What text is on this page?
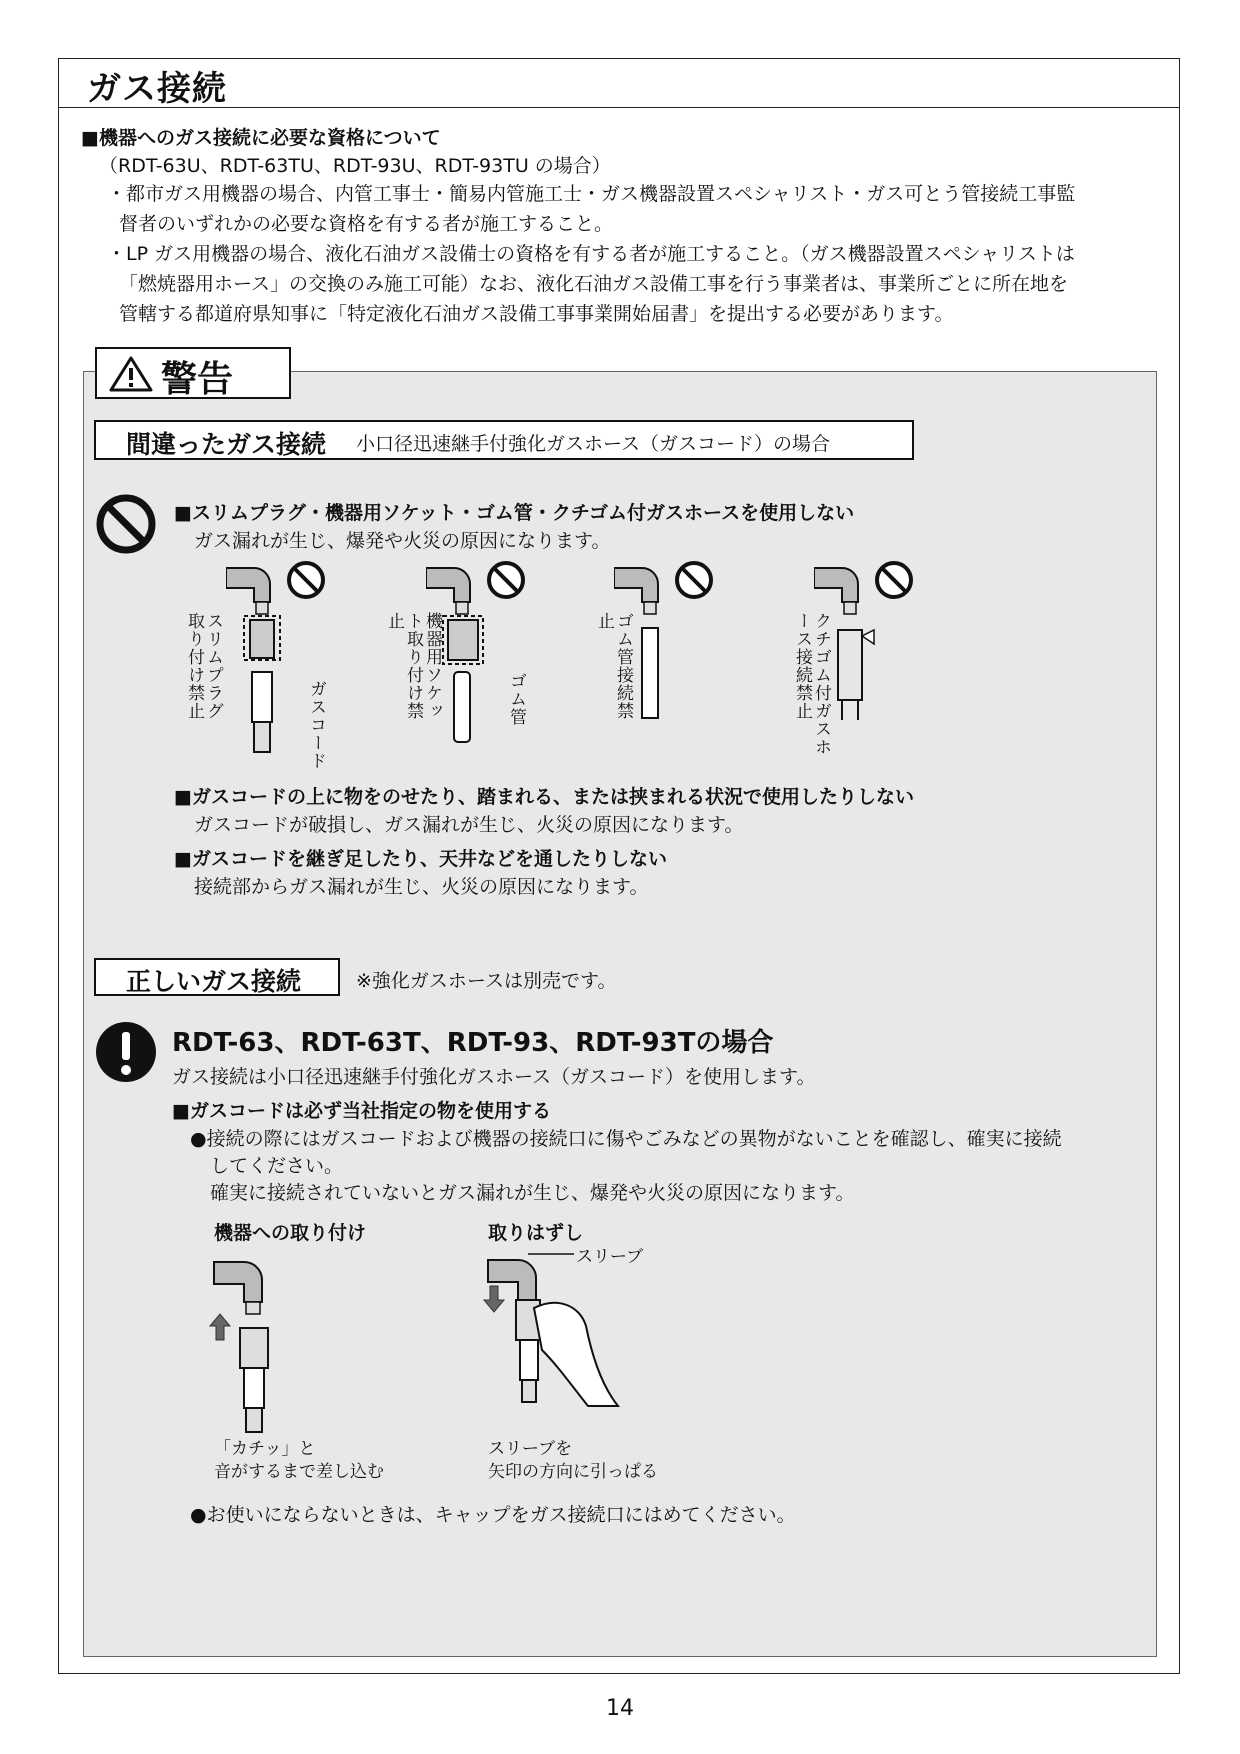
ガス接続
■機器へのガス接続に必要な資格について
（RDT-63U、RDT-63TU、RDT-93U、RDT-93TU の場合）
・都市ガス用機器の場合、内管工事士・簡易内管施工士・ガス機器設置スペシャリスト・ガス可とう管接続工事監
督者のいずれかの必要な資格を有する者が施工すること。
・LP ガス用機器の場合、液化石油ガス設備士の資格を有する者が施工すること。（ガス機器設置スペシャリストは
「燃焼器用ホース」の交換のみ施工可能）なお、液化石油ガス設備工事を行う事業者は、事業所ごとに所在地を
管轄する都道府県知事に「特定液化石油ガス設備工事事業開始届書」を提出する必要があります。
間違ったガス接続 小口径迅速継手付強化ガスホース（ガスコード）の場合
■スリムプラグ・機器用ソケット・ゴム管・クチゴム付ガスホースを使用しない
ガス漏れが生じ、爆発や火災の原因になります。
スリムプラグ取り付け禁止
ガスコード
機器用ソケット取り付け禁止
ゴム管	ゴム管接続禁止	クチゴム付ガスホース接続禁止
■ガスコードの上に物をのせたり、踏まれる、または挟まれる状況で使用したりしない
ガスコードが破損し、ガス漏れが生じ、火災の原因になります。
■ガスコードを継ぎ足したり、天井などを通したりしない
接続部からガス漏れが生じ、火災の原因になります。
正しいガス接続	※強化ガスホースは別売です。
RDT-63、RDT-63T、RDT-93、RDT-93Tの場合
ガス接続は小口径迅速継手付強化ガスホース（ガスコード）を使用します。
■ガスコードは必ず当社指定の物を使用する
●接続の際にはガスコードおよび機器の接続口に傷やごみなどの異物がないことを確認し、確実に接続
してください。
確実に接続されていないとガス漏れが生じ、爆発や火災の原因になります。
機器への取り付け
「カチッ」と
音がするまで差し込む
取りはずし
スリーブ
スリーブを
矢印の方向に引っぱる
●お使いにならないときは、キャップをガス接続口にはめてください。
警告
14
